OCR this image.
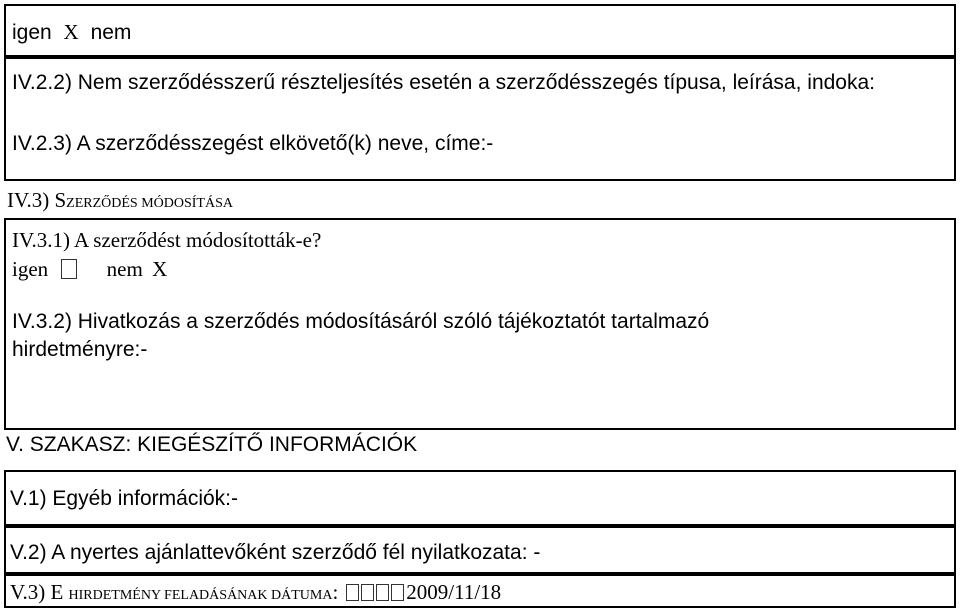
igen X nem
IV.2.2) Nem szerződésszerű részteljesítés esetén a szerződésszegés típusa, leírása, indoka:
IV.2.3) A szerződésszegést elkövető(k) neve, címe:-
IV.3) SZERZŐDÉS MÓDOSÍTÁSA
IV.3.1) A szerződést módosították-e?
igen	nem X
IV.3.2) Hivatkozás a szerződés módosításáról szóló tájékoztatót tartalmazó
hirdetményre:-
V. SZAKASZ: KIEGÉSZÍTŐ INFORMÁCIÓK
V.1) Egyéb információk:-
V.2) A nyertes ajánlattevőként szerződő fél nyilatkozata: -
V.3) E HIRDETMÉNY FELADÁSÁNAK DÁTUMA:	2009/11/18
